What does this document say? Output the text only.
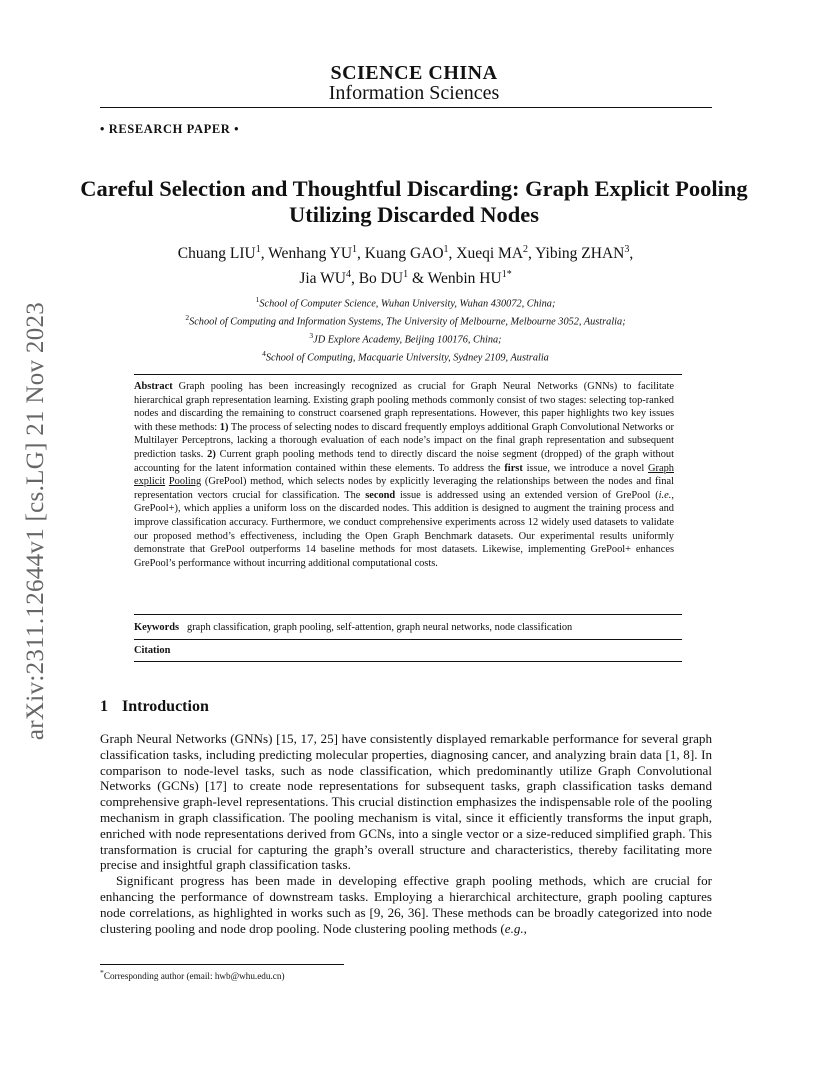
arXiv:2311.12644v1 [cs.LG] 21 Nov 2023
SCIENCE CHINA
Information Sciences
• RESEARCH PAPER •
Careful Selection and Thoughtful Discarding: Graph Explicit Pooling Utilizing Discarded Nodes
Chuang LIU$^1$, Wenhang $YU^1$, Kuang GAO$^1$, Xueqi $MA^2$, Yibing ZHAN$^3$,
Jia $WU^4$, Bo $DU^1$ & Wenbin $HU^{1*}$
$^1$School of Computer Science, Wuhan University, Wuhan 430072, China;
$^2$School of Computing and Information Systems, The University of Melbourne, Melbourne 3052, Australia;
$^3$JD Explore Academy, Beijing 100176, China;
$^4$School of Computing, Macquarie University, Sydney 2109, Australia
Abstract Graph pooling has been increasingly recognized as crucial for Graph Neural Networks (GNNs) to facilitate hierarchical graph representation learning. Existing graph pooling methods commonly consist of two stages: selecting top-ranked nodes and discarding the remaining to construct coarsened graph representations. However, this paper highlights two key issues with these methods: 1) The process of selecting nodes to discard frequently employs additional Graph Convolutional Networks or Multilayer Perceptrons, lacking a thorough evaluation of each node’s impact on the final graph representation and subsequent prediction tasks. 2) Current graph pooling methods tend to directly discard the noise segment (dropped) of the graph without accounting for the latent information contained within these elements. To address the first issue, we introduce a novel Graph explicit Pooling (GrePool) method, which selects nodes by explicitly leveraging the relationships between the nodes and final representation vectors crucial for classification. The second issue is addressed using an extended version of GrePool (i.e., GrePool+), which applies a uniform loss on the discarded nodes. This addition is designed to augment the training process and improve classification accuracy. Furthermore, we conduct comprehensive experiments across 12 widely used datasets to validate our proposed method’s effectiveness, including the Open Graph Benchmark datasets. Our experimental results uniformly demonstrate that GrePool outperforms 14 baseline methods for most datasets. Likewise, implementing GrePool+ enhances GrePool’s performance without incurring additional computational costs.
Keywords graph classification, graph pooling, self-attention, graph neural networks, node classification
Citation
1 Introduction

Graph Neural Networks (GNNs) [15, 17, 25] have consistently displayed remarkable performance for several graph classification tasks, including predicting molecular properties, diagnosing cancer, and analyzing brain data [1, 8]. In comparison to node-level tasks, such as node classification, which predominantly utilize Graph Convolutional Networks (GCNs) [17] to create node representations for subsequent tasks, graph classification tasks demand comprehensive graph-level representations. This crucial distinction emphasizes the indispensable role of the pooling mechanism in graph classification. The pooling mechanism is vital, since it efficiently transforms the input graph, enriched with node representations derived from GCNs, into a single vector or a size-reduced simplified graph. This transformation is crucial for capturing the graph’s overall structure and characteristics, thereby facilitating more precise and insightful graph classification tasks.

Significant progress has been made in developing effective graph pooling methods, which are crucial for enhancing the performance of downstream tasks. Employing a hierarchical architecture, graph pooling captures node correlations, as highlighted in works such as [9, 26, 36]. These methods can be broadly categorized into node clustering pooling and node drop pooling. Node clustering pooling methods (e.g.,

*Corresponding author (email: hwb@whu.edu.cn)
